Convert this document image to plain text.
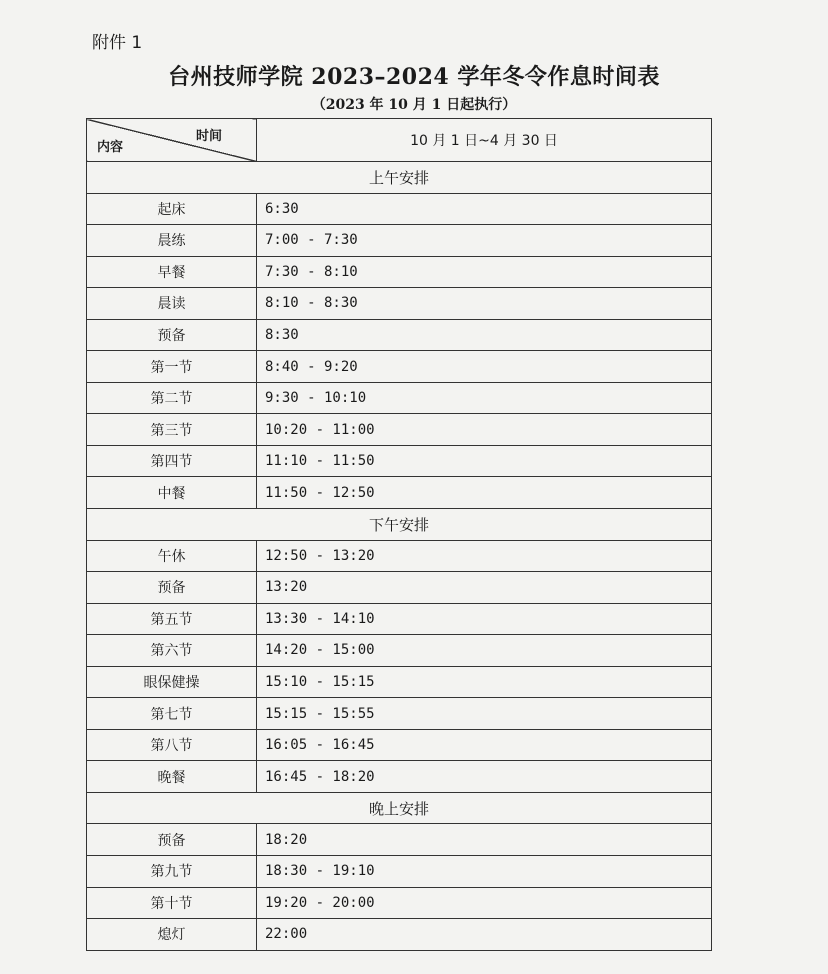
附件 1
台州技师学院 2023–2024 学年冬令作息时间表
（2023 年 10 月 1 日起执行）
内容
时间	10 月 1 日~4 月 30 日
上午安排	
起床	6:30
晨练	7:00 - 7:30
早餐	7:30 - 8:10
晨读	8:10 - 8:30
预备	8:30
第一节	8:40 - 9:20
第二节	9:30 - 10:10
第三节	10:20 - 11:00
第四节	11:10 - 11:50
中餐	11:50 - 12:50
下午安排	
午休	12:50 - 13:20
预备	13:20
第五节	13:30 - 14:10
第六节	14:20 - 15:00
眼保健操	15:10 - 15:15
第七节	15:15 - 15:55
第八节	16:05 - 16:45
晚餐	16:45 - 18:20
晚上安排	
预备	18:20
第九节	18:30 - 19:10
第十节	19:20 - 20:00
熄灯	22:00
